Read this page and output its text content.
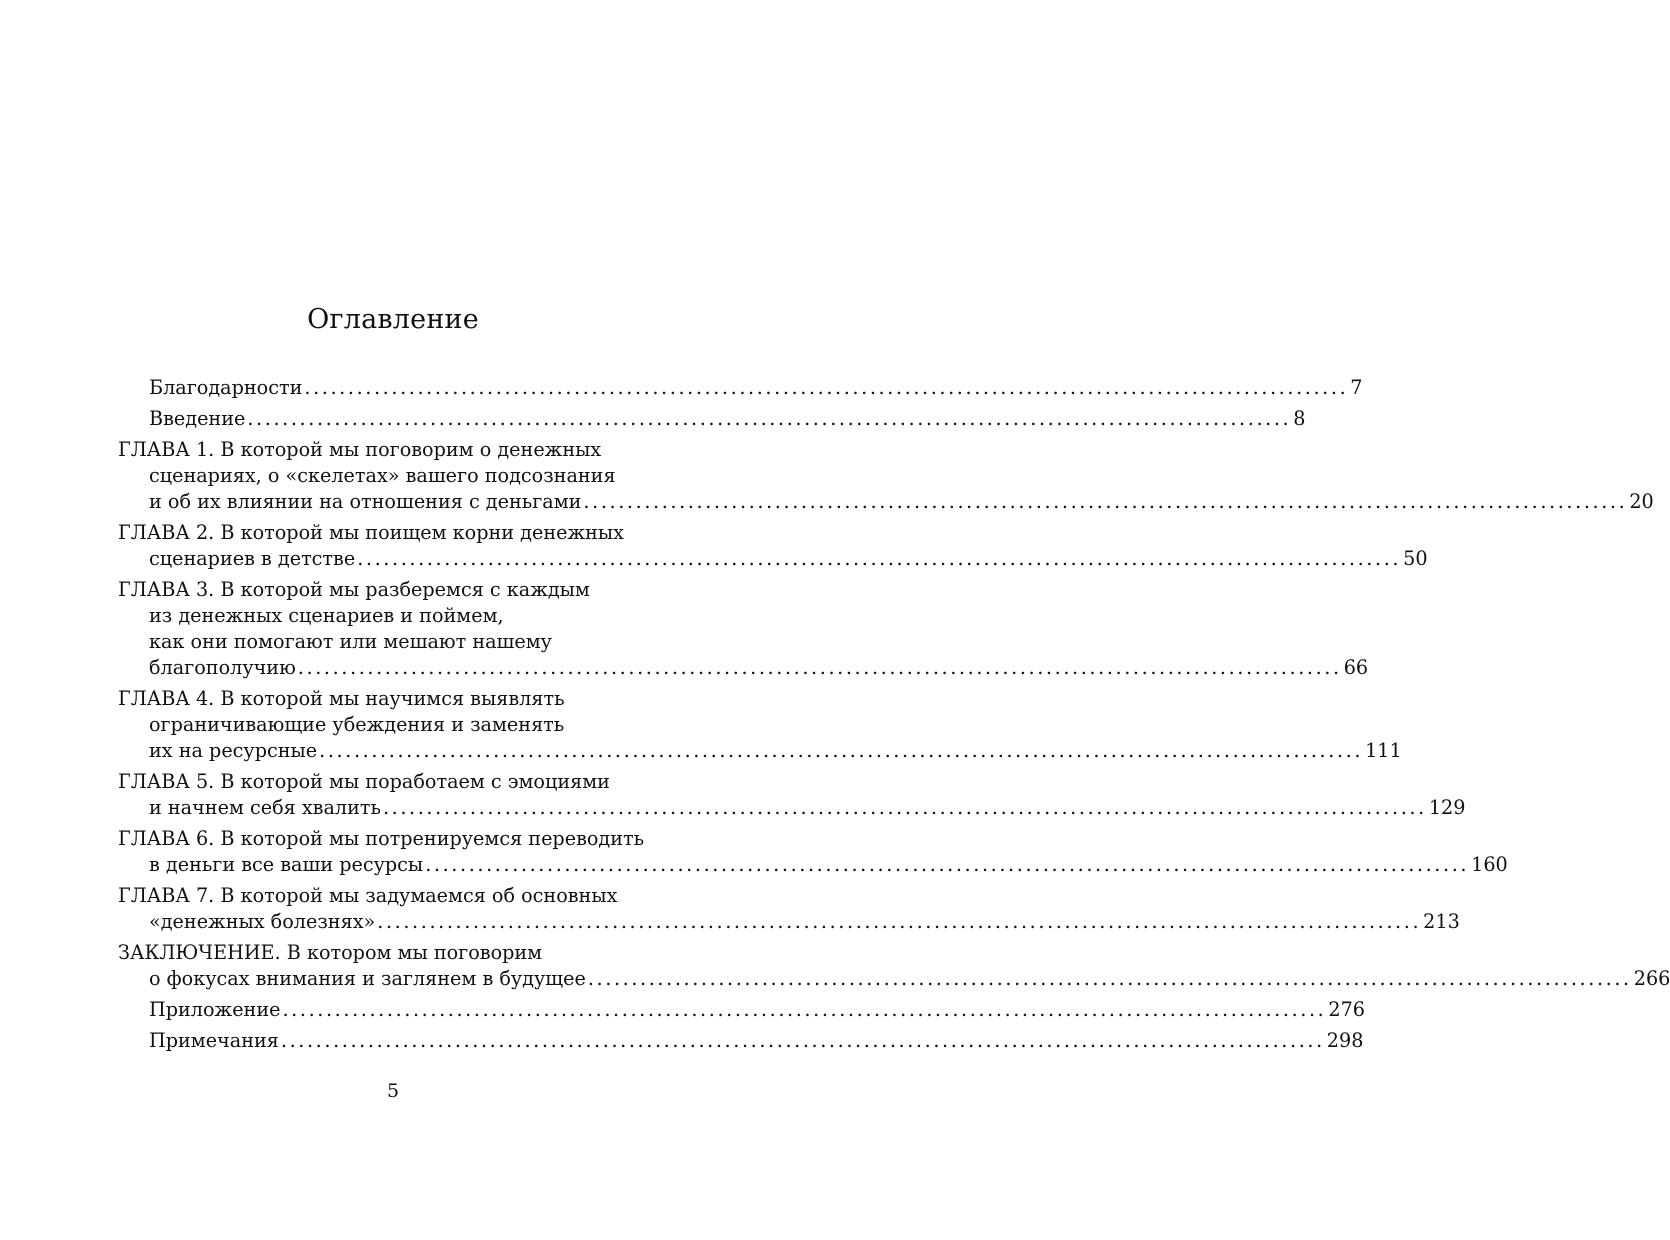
Оглавление
Благодарности ........................................................................................................................ 7
Введение ........................................................................................................................ 8
ГЛАВА 1. В которой мы поговорим о денежных
сценариях, о «скелетах» вашего подсознания
и об их влиянии на отношения с деньгами ........................................................................................................................ 20
ГЛАВА 2. В которой мы поищем корни денежных
сценариев в детстве ........................................................................................................................ 50
ГЛАВА 3. В которой мы разберемся с каждым
из денежных сценариев и поймем,
как они помогают или мешают нашему
благополучию ........................................................................................................................ 66
ГЛАВА 4. В которой мы научимся выявлять
ограничивающие убеждения и заменять
их на ресурсные ........................................................................................................................ 111
ГЛАВА 5. В которой мы поработаем с эмоциями
и начнем себя хвалить ........................................................................................................................ 129
ГЛАВА 6. В которой мы потренируемся переводить
в деньги все ваши ресурсы ........................................................................................................................ 160
ГЛАВА 7. В которой мы задумаемся об основных
«денежных болезнях» ........................................................................................................................ 213
ЗАКЛЮЧЕНИЕ. В котором мы поговорим
о фокусах внимания и заглянем в будущее ........................................................................................................................ 266
Приложение ........................................................................................................................ 276
Примечания ........................................................................................................................ 298
5
